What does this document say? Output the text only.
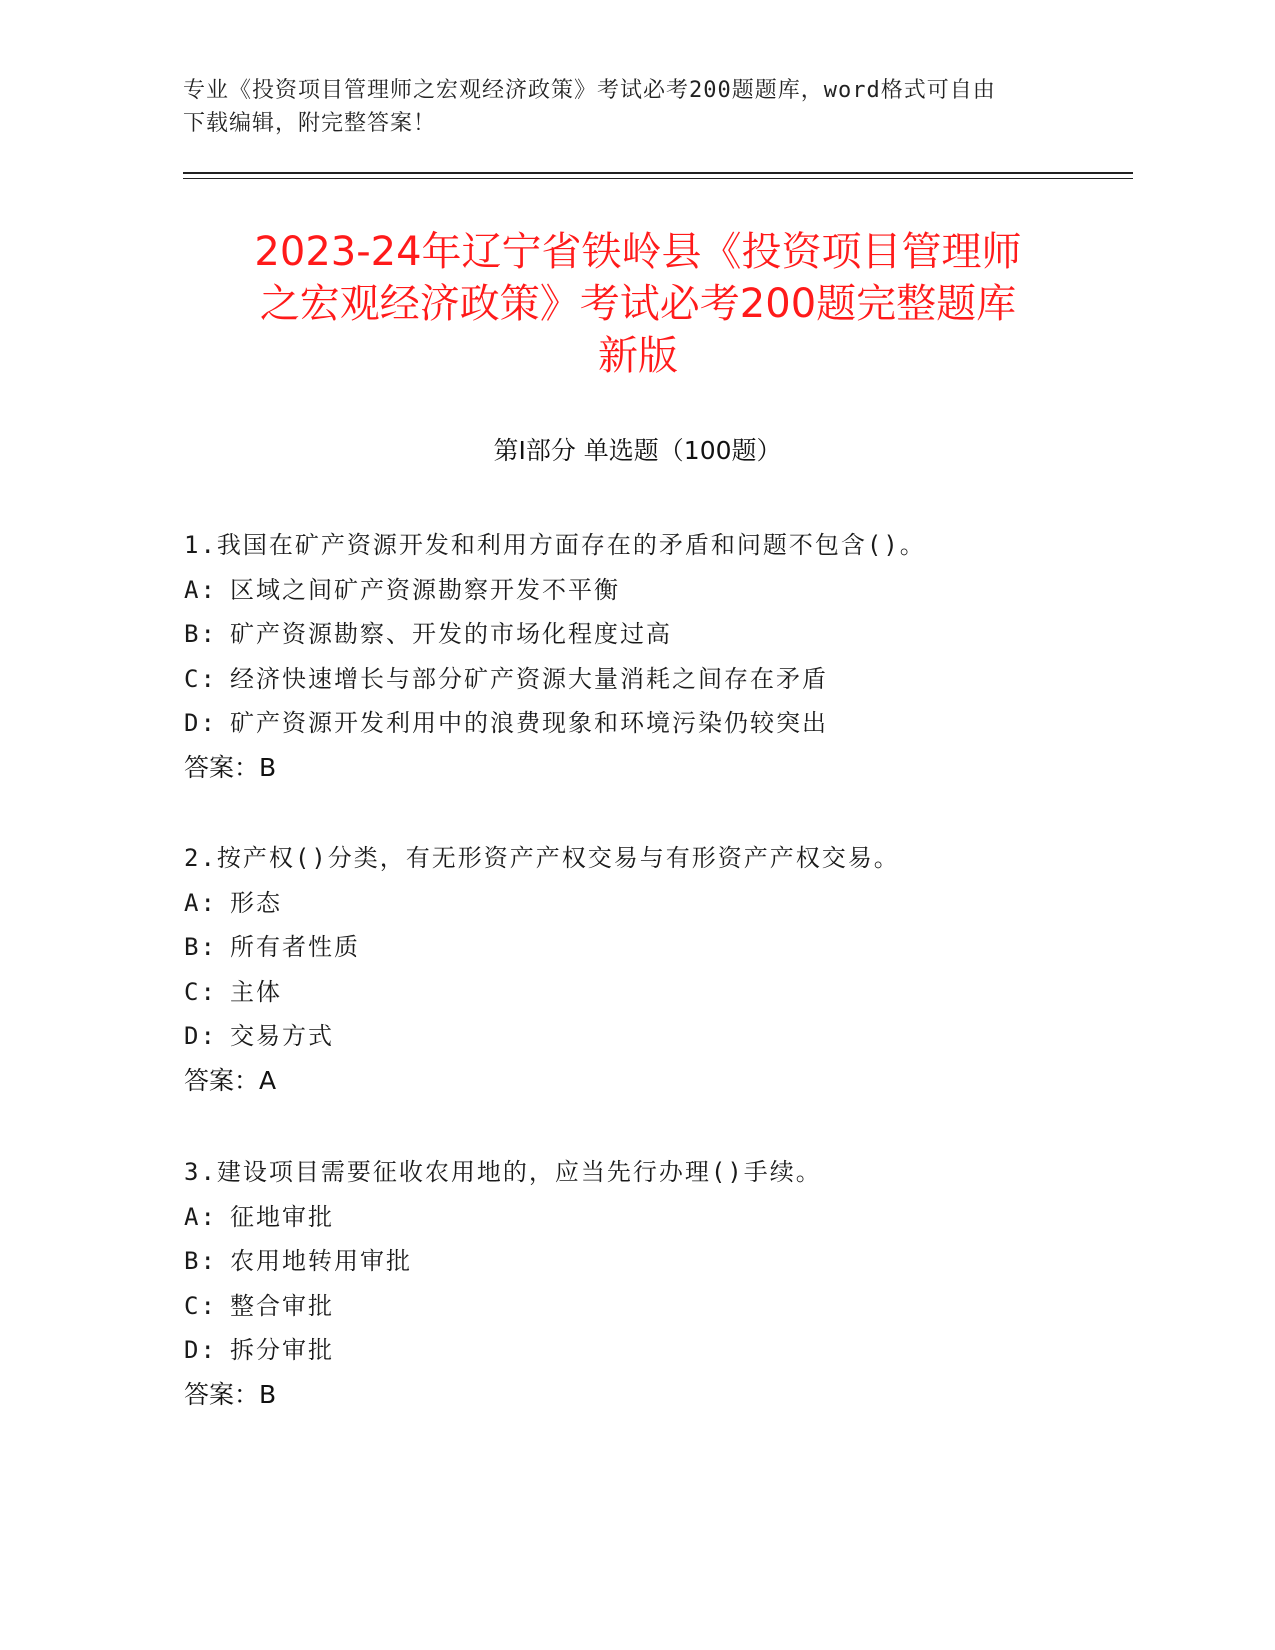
专业《投资项目管理师之宏观经济政策》考试必考200题题库，word格式可自由
下载编辑，附完整答案！
2023-24年辽宁省铁岭县《投资项目管理师
之宏观经济政策》考试必考200题完整题库
新版
第Ⅰ部分 单选题（100题）
1.我国在矿产资源开发和利用方面存在的矛盾和问题不包含()。
A: 区域之间矿产资源勘察开发不平衡
B: 矿产资源勘察、开发的市场化程度过高
C: 经济快速增长与部分矿产资源大量消耗之间存在矛盾
D: 矿产资源开发利用中的浪费现象和环境污染仍较突出
答案：B
2.按产权()分类，有无形资产产权交易与有形资产产权交易。
A: 形态
B: 所有者性质
C: 主体
D: 交易方式
答案：A
3.建设项目需要征收农用地的，应当先行办理()手续。
A: 征地审批
B: 农用地转用审批
C: 整合审批
D: 拆分审批
答案：B
